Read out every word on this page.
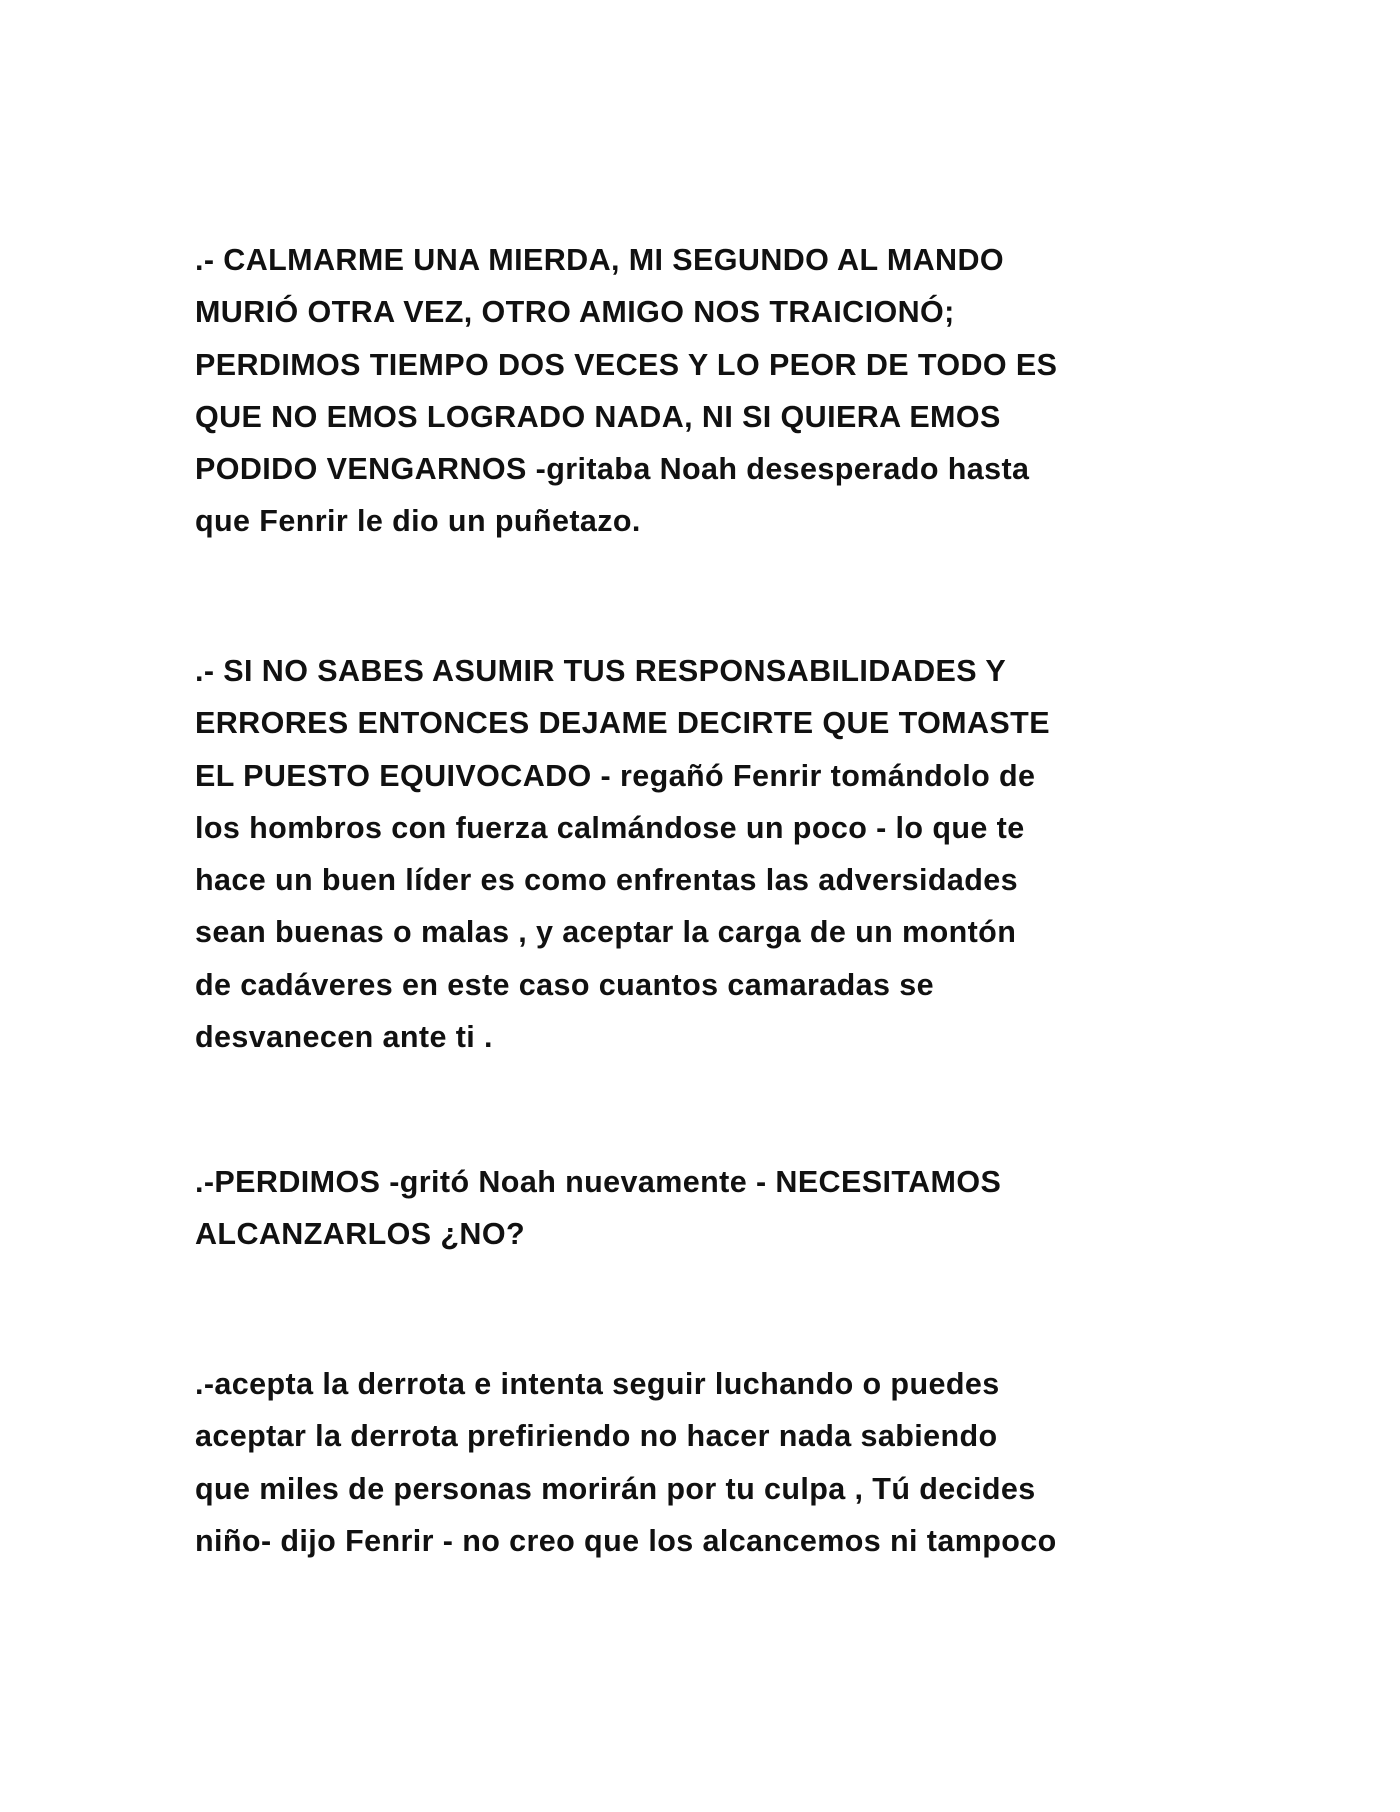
.- CALMARME UNA MIERDA, MI SEGUNDO AL MANDO
MURIÓ OTRA VEZ, OTRO AMIGO NOS TRAICIONÓ;
PERDIMOS TIEMPO DOS VECES Y LO PEOR DE TODO ES
QUE NO EMOS LOGRADO NADA, NI SI QUIERA EMOS
PODIDO VENGARNOS -gritaba Noah desesperado hasta
que Fenrir le dio un puñetazo.
.- SI NO SABES ASUMIR TUS RESPONSABILIDADES Y
ERRORES ENTONCES DEJAME DECIRTE QUE TOMASTE
EL PUESTO EQUIVOCADO - regañó Fenrir tomándolo de
los hombros con fuerza calmándose un poco - lo que te
hace un buen líder es como enfrentas las adversidades
sean buenas o malas , y aceptar la carga de un montón
de cadáveres en este caso cuantos camaradas se
desvanecen ante ti .
.-PERDIMOS -gritó Noah nuevamente - NECESITAMOS
ALCANZARLOS ¿NO?
.-acepta la derrota e intenta seguir luchando o puedes
aceptar la derrota prefiriendo no hacer nada sabiendo
que miles de personas morirán por tu culpa , Tú decides
niño- dijo Fenrir - no creo que los alcancemos ni tampoco
